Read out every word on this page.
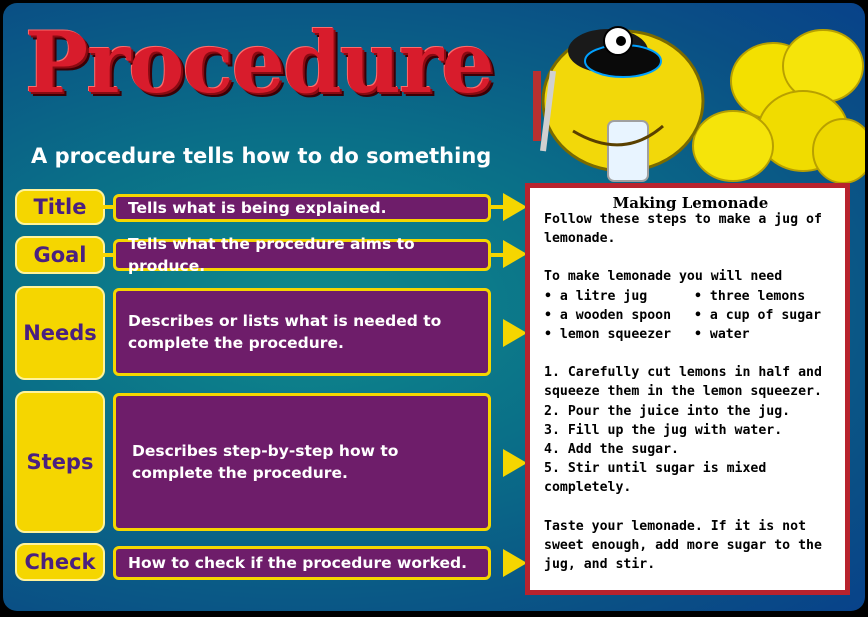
Procedure

A procedure tells how to do something

Title	Tells what is being explained.
Goal	Tells what the procedure aims to produce.
Needs	Describes or lists what is needed to complete the procedure.
Steps	Describes step-by-step how to complete the procedure.
Check	How to check if the procedure worked.
Making Lemonade
Follow these steps to make a jug of lemonade.
To make lemonade you will need
• a litre jug	• three lemons
• a wooden spoon	• a cup of sugar
• lemon squeezer	• water
1. Carefully cut lemons in half and squeeze them in the lemon squeezer.
2. Pour the juice into the jug.
3. Fill up the jug with water.
4. Add the sugar.
5. Stir until sugar is mixed completely.
Taste your lemonade. If it is not sweet enough, add more sugar to the jug, and stir.
